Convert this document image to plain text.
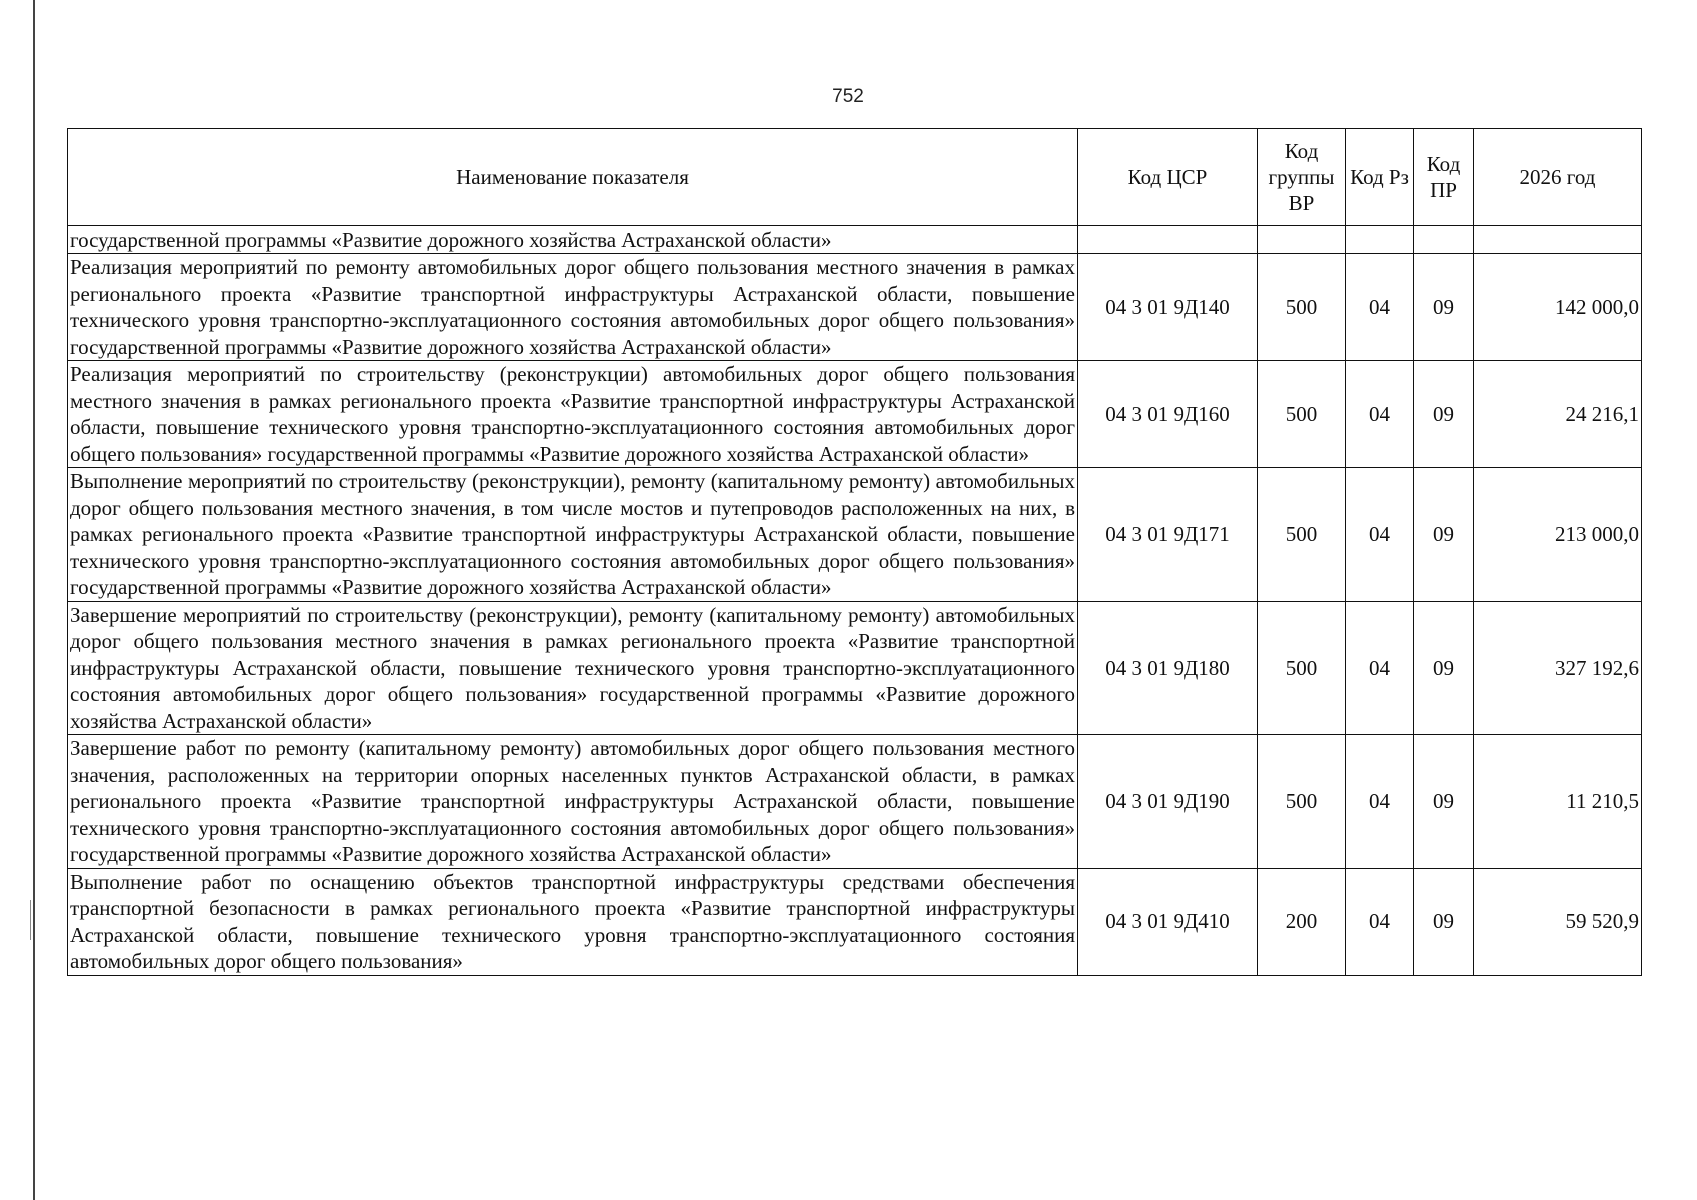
752
Наименование показателя	Код ЦСР	Код группы ВР	Код Рз	Код ПР	2026 год
государственной программы «Развитие дорожного хозяйства Астраханской области»					
Реализация мероприятий по ремонту автомобильных дорог общего пользования местного значения в рамках регионального проекта «Развитие транспортной инфраструктуры Астраханской области, повышение технического уровня транспортно-эксплуатационного состояния автомобильных дорог общего пользования» государственной программы «Развитие дорожного хозяйства Астраханской области»	04 3 01 9Д140	500	04	09	142 000,0
Реализация мероприятий по строительству (реконструкции) автомобильных дорог общего пользования местного значения в рамках регионального проекта «Развитие транспортной инфраструктуры Астраханской области, повышение технического уровня транспортно-эксплуатационного состояния автомобильных дорог общего пользования» государственной программы «Развитие дорожного хозяйства Астраханской области»	04 3 01 9Д160	500	04	09	24 216,1
Выполнение мероприятий по строительству (реконструкции), ремонту (капитальному ремонту) автомобильных дорог общего пользования местного значения, в том числе мостов и путепроводов расположенных на них, в рамках регионального проекта «Развитие транспортной инфраструктуры Астраханской области, повышение технического уровня транспортно-эксплуатационного состояния автомобильных дорог общего пользования» государственной программы «Развитие дорожного хозяйства Астраханской области»	04 3 01 9Д171	500	04	09	213 000,0
Завершение мероприятий по строительству (реконструкции), ремонту (капитальному ремонту) автомобильных дорог общего пользования местного значения в рамках регионального проекта «Развитие транспортной инфраструктуры Астраханской области, повышение технического уровня транспортно-эксплуатационного состояния автомобильных дорог общего пользования» государственной программы «Развитие дорожного хозяйства Астраханской области»	04 3 01 9Д180	500	04	09	327 192,6
Завершение работ по ремонту (капитальному ремонту) автомобильных дорог общего пользования местного значения, расположенных на территории опорных населенных пунктов Астраханской области, в рамках регионального проекта «Развитие транспортной инфраструктуры Астраханской области, повышение технического уровня транспортно-эксплуатационного состояния автомобильных дорог общего пользования» государственной программы «Развитие дорожного хозяйства Астраханской области»	04 3 01 9Д190	500	04	09	11 210,5
Выполнение работ по оснащению объектов транспортной инфраструктуры средствами обеспечения транспортной безопасности в рамках регионального проекта «Развитие транспортной инфраструктуры Астраханской области, повышение технического уровня транспортно-эксплуатационного состояния автомобильных дорог общего пользования»	04 3 01 9Д410	200	04	09	59 520,9
